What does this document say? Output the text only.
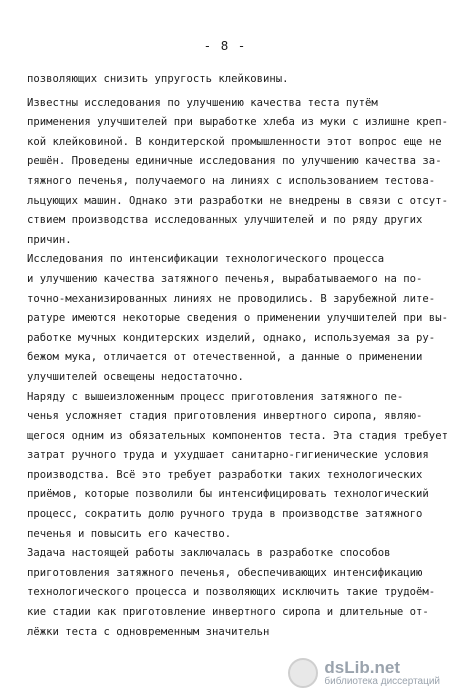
- 8 -
позволяющих снизить упругость клейковины.
Известны исследования по улучшению качества теста путём
применения улучшителей при выработке хлеба из муки с излишне креп-
кой клейковиной. В кондитерской промышленности этот вопрос еще не
решён. Проведены единичные исследования по улучшению качества за-
тяжного печенья, получаемого на линиях с использованием тестова-
льцующих машин. Однако эти разработки не внедрены в связи с отсут-
ствием производства исследованных улучшителей и по ряду других
причин.
Исследования по интенсификации технологического процесса
и улучшению качества затяжного печенья, вырабатываемого на по-
точно-механизированных линиях не проводились. В зарубежной лите-
ратуре имеются некоторые сведения о применении улучшителей при вы-
работке мучных кондитерских изделий, однако, используемая за ру-
бежом мука, отличается от отечественной, а данные о применении
улучшителей освещены недостаточно.
Наряду с вышеизложенным процесс приготовления затяжного пе-
ченья усложняет стадия приготовления инвертного сиропа, являю-
щегося одним из обязательных компонентов теста. Эта стадия требует
затрат ручного труда и ухудшает санитарно-гигиенические условия
производства. Всё это требует разработки таких технологических
приёмов, которые позволили бы интенсифицировать технологический
процесс, сократить долю ручного труда в производстве затяжного
печенья и повысить его качество.
Задача настоящей работы заключалась в разработке способов
приготовления затяжного печенья, обеспечивающих интенсификацию
технологического процесса и позволяющих исключить такие трудоём-
кие стадии как приготовление инвертного сиропа и длительные от-
лёжки теста с одновременным значительн
dsLib.net
библиотека диссертаций
